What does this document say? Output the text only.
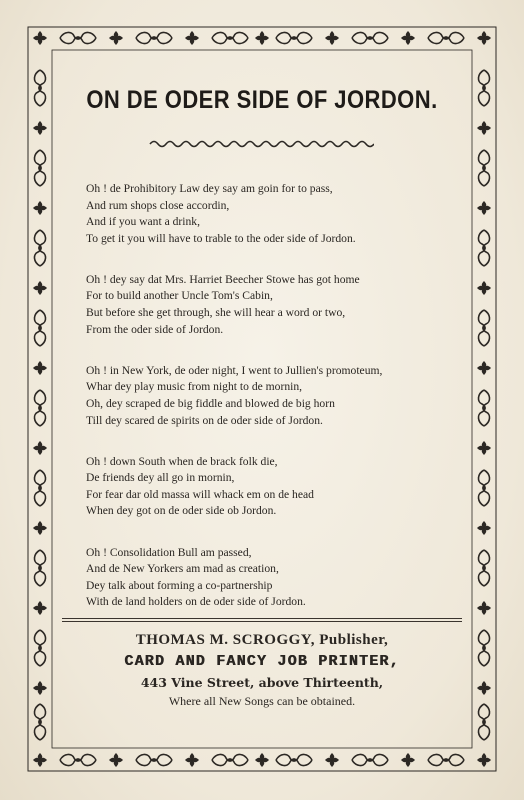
ON DE ODER SIDE OF JORDON.
Oh ! de Prohibitory Law dey say am goin for to pass,
And rum shops close accordin,
And if you want a drink,
To get it you will have to trable to the oder side of Jordon.
Oh ! dey say dat Mrs. Harriet Beecher Stowe has got home
For to build another Uncle Tom's Cabin,
But before she get through, she will hear a word or two,
From the oder side of Jordon.
Oh ! in New York, de oder night, I went to Jullien's promoteum,
Whar dey play music from night to de mornin,
Oh, dey scraped de big fiddle and blowed de big horn
Till dey scared de spirits on de oder side of Jordon.
Oh ! down South when de brack folk die,
De friends dey all go in mornin,
For fear dar old massa will whack em on de head
When dey got on de oder side ob Jordon.
Oh ! Consolidation Bull am passed,
And de New Yorkers am mad as creation,
Dey talk about forming a co-partnership
With de land holders on de oder side of Jordon.
THOMAS M. SCROGGY, Publisher,
CARD AND FANCY JOB PRINTER,
443 Vine Street, above Thirteenth,
Where all New Songs can be obtained.
